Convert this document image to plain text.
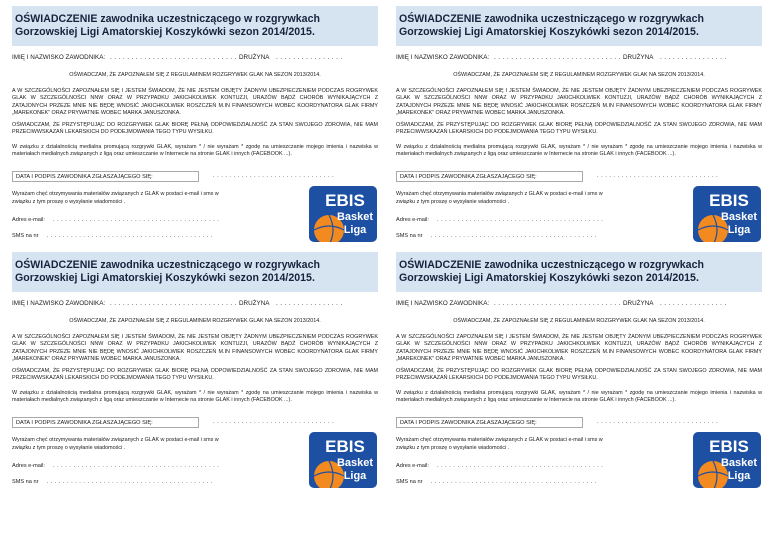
OŚWIADCZENIE zawodnika uczestniczącego w rozgrywkach Gorzowskiej Ligi Amatorskiej Koszykówki sezon 2014/2015.
IMIĘ I NAZWISKO ZAWODNIKA: . . . . . . . . . . . . . . . . . . . . . . . . . . . . . . . .
DRUŻYNA . . . . . . . . . . . . . . . .
OŚWIADCZAM, ŻE ZAPOZNAŁEM SIĘ Z REGULAMINEM ROZGRYWEK GLAK NA SEZON 2013/2014.
A W SZCZEGÓLNOŚCI ZAPOZNAŁEM SIĘ I JESTEM ŚWIADOM, ŻE NIE JESTEM OBJĘTY ŻADNYM UBEZPIECZENIEM PODCZAS ROGRYWEK GLAK W SZCZEGÓLNOŚCI NNW ORAZ W PRZYPADKU JAKICHKOLWIEK KONTUZJI, URAZÓW BĄDŹ CHORÓB WYNIKAJĄCYCH Z ZATAJONYCH PRZEZE MNIE NIE BĘDĘ WNOSIĆ JAKICHKOLWIEK ROSZCZEŃ M.IN FINANSOWYCH WOBEC KOORDYNATORA GLAK FIRMY „MAREKONEK” ORAZ PRYWATNIE WOBEC MARKA JANUSZONKA.
OŚWIADCZAM, ŻE PRZYSTĘPUJĄC DO ROZGRYWEK GLAK BIORĘ PEŁNĄ ODPOWIEDZIALNOŚĆ ZA STAN SWOJEGO ZDROWIA, NIE MAM PRZECIWWSKAZAŃ LEKARSKICH DO PODEJMOWANIA TEGO TYPU WYSIŁKU.
W związku z działalnością medialna promującą rozgrywki GLAK, wyrażam * / nie wyrażam * zgodę na umieszczanie mojego imienia i nazwiska w materiałach medialnych związanych z ligą oraz umieszczanie w Internecie na stronie GLAK i innych (FACEBOOK ...).
DATA I PODPIS ZAWODNIKA ZGŁASZAJĄCEGO SIĘ:	. . . . . . . . . . . . . . . . . . . . . . . . . . . . . .
Wyrażam chęć otrzymywania materiałów związanych z GLAK w postaci e-mail i sms w związku z tym proszę o wysyłanie wiadomości .
Adres e-mail: . . . . . . . . . . . . . . . . . . . . . . . . . . . . . . . . . . . . . . . . .
SMS na nr . . . . . . . . . . . . . . . . . . . . . . . . . . . . . . . . . . . . . . . . .
EBIS
Basket
Liga
OŚWIADCZENIE zawodnika uczestniczącego w rozgrywkach Gorzowskiej Ligi Amatorskiej Koszykówki sezon 2014/2015.
IMIĘ I NAZWISKO ZAWODNIKA: . . . . . . . . . . . . . . . . . . . . . . . . . . . . . . . .
DRUŻYNA . . . . . . . . . . . . . . . .
OŚWIADCZAM, ŻE ZAPOZNAŁEM SIĘ Z REGULAMINEM ROZGRYWEK GLAK NA SEZON 2013/2014.
A W SZCZEGÓLNOŚCI ZAPOZNAŁEM SIĘ I JESTEM ŚWIADOM, ŻE NIE JESTEM OBJĘTY ŻADNYM UBEZPIECZENIEM PODCZAS ROGRYWEK GLAK W SZCZEGÓLNOŚCI NNW ORAZ W PRZYPADKU JAKICHKOLWIEK KONTUZJI, URAZÓW BĄDŹ CHORÓB WYNIKAJĄCYCH Z ZATAJONYCH PRZEZE MNIE NIE BĘDĘ WNOSIĆ JAKICHKOLWIEK ROSZCZEŃ M.IN FINANSOWYCH WOBEC KOORDYNATORA GLAK FIRMY „MAREKONEK” ORAZ PRYWATNIE WOBEC MARKA JANUSZONKA.
OŚWIADCZAM, ŻE PRZYSTĘPUJĄC DO ROZGRYWEK GLAK BIORĘ PEŁNĄ ODPOWIEDZIALNOŚĆ ZA STAN SWOJEGO ZDROWIA, NIE MAM PRZECIWWSKAZAŃ LEKARSKICH DO PODEJMOWANIA TEGO TYPU WYSIŁKU.
W związku z działalnością medialna promującą rozgrywki GLAK, wyrażam * / nie wyrażam * zgodę na umieszczanie mojego imienia i nazwiska w materiałach medialnych związanych z ligą oraz umieszczanie w Internecie na stronie GLAK i innych (FACEBOOK ...).
DATA I PODPIS ZAWODNIKA ZGŁASZAJĄCEGO SIĘ:	. . . . . . . . . . . . . . . . . . . . . . . . . . . . . .
Wyrażam chęć otrzymywania materiałów związanych z GLAK w postaci e-mail i sms w związku z tym proszę o wysyłanie wiadomości .
Adres e-mail: . . . . . . . . . . . . . . . . . . . . . . . . . . . . . . . . . . . . . . . . .
SMS na nr . . . . . . . . . . . . . . . . . . . . . . . . . . . . . . . . . . . . . . . . .
EBIS
Basket
Liga
OŚWIADCZENIE zawodnika uczestniczącego w rozgrywkach Gorzowskiej Ligi Amatorskiej Koszykówki sezon 2014/2015.
IMIĘ I NAZWISKO ZAWODNIKA: . . . . . . . . . . . . . . . . . . . . . . . . . . . . . . . .
DRUŻYNA . . . . . . . . . . . . . . . .
OŚWIADCZAM, ŻE ZAPOZNAŁEM SIĘ Z REGULAMINEM ROZGRYWEK GLAK NA SEZON 2013/2014.
A W SZCZEGÓLNOŚCI ZAPOZNAŁEM SIĘ I JESTEM ŚWIADOM, ŻE NIE JESTEM OBJĘTY ŻADNYM UBEZPIECZENIEM PODCZAS ROGRYWEK GLAK W SZCZEGÓLNOŚCI NNW ORAZ W PRZYPADKU JAKICHKOLWIEK KONTUZJI, URAZÓW BĄDŹ CHORÓB WYNIKAJĄCYCH Z ZATAJONYCH PRZEZE MNIE NIE BĘDĘ WNOSIĆ JAKICHKOLWIEK ROSZCZEŃ M.IN FINANSOWYCH WOBEC KOORDYNATORA GLAK FIRMY „MAREKONEK” ORAZ PRYWATNIE WOBEC MARKA JANUSZONKA.
OŚWIADCZAM, ŻE PRZYSTĘPUJĄC DO ROZGRYWEK GLAK BIORĘ PEŁNĄ ODPOWIEDZIALNOŚĆ ZA STAN SWOJEGO ZDROWIA, NIE MAM PRZECIWWSKAZAŃ LEKARSKICH DO PODEJMOWANIA TEGO TYPU WYSIŁKU.
W związku z działalnością medialna promującą rozgrywki GLAK, wyrażam * / nie wyrażam * zgodę na umieszczanie mojego imienia i nazwiska w materiałach medialnych związanych z ligą oraz umieszczanie w Internecie na stronie GLAK i innych (FACEBOOK ...).
DATA I PODPIS ZAWODNIKA ZGŁASZAJĄCEGO SIĘ:	. . . . . . . . . . . . . . . . . . . . . . . . . . . . . .
Wyrażam chęć otrzymywania materiałów związanych z GLAK w postaci e-mail i sms w związku z tym proszę o wysyłanie wiadomości .
Adres e-mail: . . . . . . . . . . . . . . . . . . . . . . . . . . . . . . . . . . . . . . . . .
SMS na nr . . . . . . . . . . . . . . . . . . . . . . . . . . . . . . . . . . . . . . . . .
EBIS
Basket
Liga
OŚWIADCZENIE zawodnika uczestniczącego w rozgrywkach Gorzowskiej Ligi Amatorskiej Koszykówki sezon 2014/2015.
IMIĘ I NAZWISKO ZAWODNIKA: . . . . . . . . . . . . . . . . . . . . . . . . . . . . . . . .
DRUŻYNA . . . . . . . . . . . . . . . .
OŚWIADCZAM, ŻE ZAPOZNAŁEM SIĘ Z REGULAMINEM ROZGRYWEK GLAK NA SEZON 2013/2014.
A W SZCZEGÓLNOŚCI ZAPOZNAŁEM SIĘ I JESTEM ŚWIADOM, ŻE NIE JESTEM OBJĘTY ŻADNYM UBEZPIECZENIEM PODCZAS ROGRYWEK GLAK W SZCZEGÓLNOŚCI NNW ORAZ W PRZYPADKU JAKICHKOLWIEK KONTUZJI, URAZÓW BĄDŹ CHORÓB WYNIKAJĄCYCH Z ZATAJONYCH PRZEZE MNIE NIE BĘDĘ WNOSIĆ JAKICHKOLWIEK ROSZCZEŃ M.IN FINANSOWYCH WOBEC KOORDYNATORA GLAK FIRMY „MAREKONEK” ORAZ PRYWATNIE WOBEC MARKA JANUSZONKA.
OŚWIADCZAM, ŻE PRZYSTĘPUJĄC DO ROZGRYWEK GLAK BIORĘ PEŁNĄ ODPOWIEDZIALNOŚĆ ZA STAN SWOJEGO ZDROWIA, NIE MAM PRZECIWWSKAZAŃ LEKARSKICH DO PODEJMOWANIA TEGO TYPU WYSIŁKU.
W związku z działalnością medialna promującą rozgrywki GLAK, wyrażam * / nie wyrażam * zgodę na umieszczanie mojego imienia i nazwiska w materiałach medialnych związanych z ligą oraz umieszczanie w Internecie na stronie GLAK i innych (FACEBOOK ...).
DATA I PODPIS ZAWODNIKA ZGŁASZAJĄCEGO SIĘ:	. . . . . . . . . . . . . . . . . . . . . . . . . . . . . .
Wyrażam chęć otrzymywania materiałów związanych z GLAK w postaci e-mail i sms w związku z tym proszę o wysyłanie wiadomości .
Adres e-mail: . . . . . . . . . . . . . . . . . . . . . . . . . . . . . . . . . . . . . . . . .
SMS na nr . . . . . . . . . . . . . . . . . . . . . . . . . . . . . . . . . . . . . . . . .
EBIS
Basket
Liga
